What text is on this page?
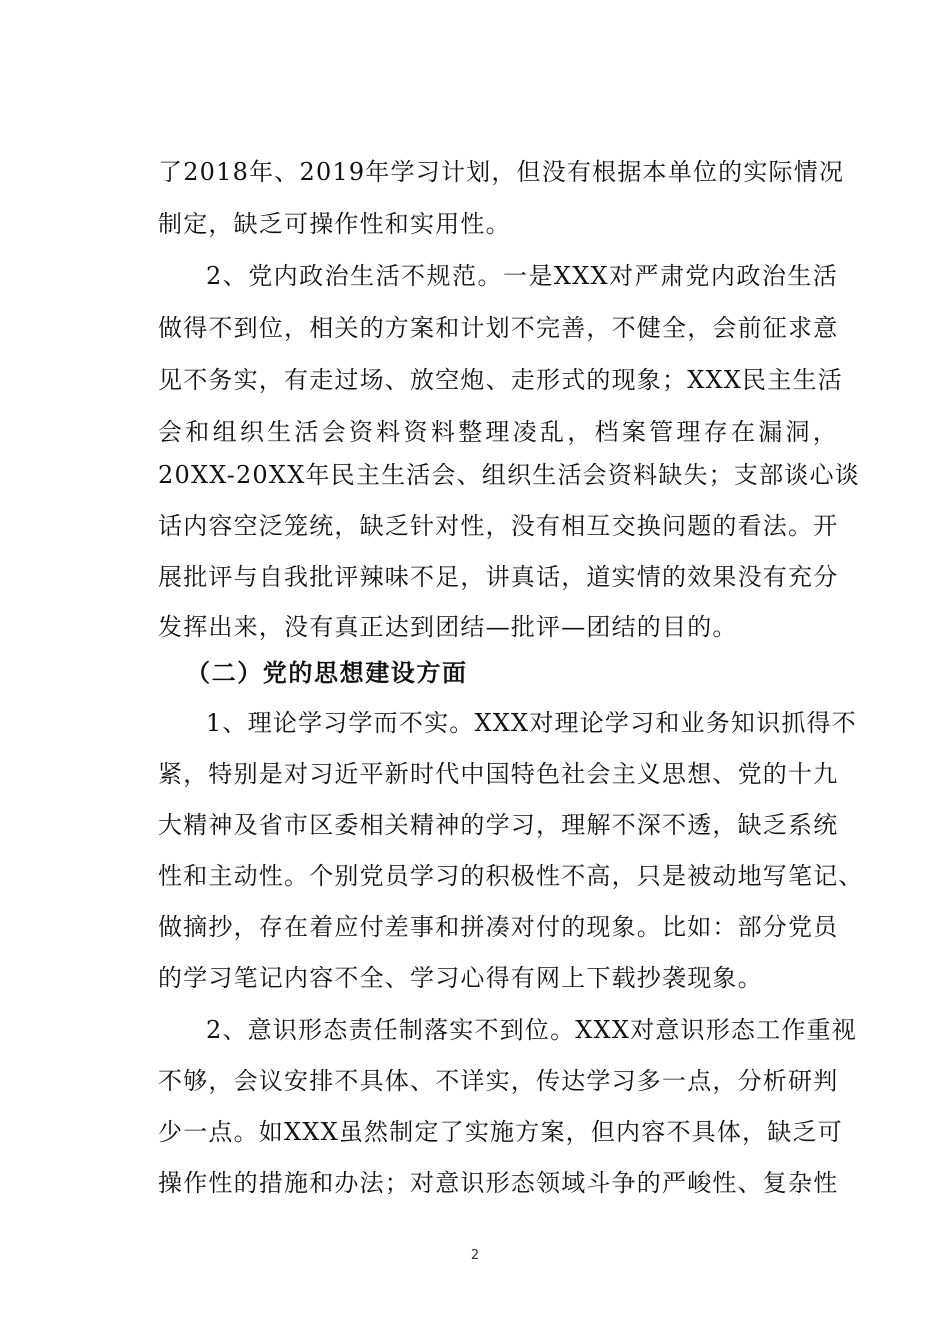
了2018年、2019年学习计划，但没有根据本单位的实际情况
制定，缺乏可操作性和实用性。
2、党内政治生活不规范。一是XXX对严肃党内政治生活
做得不到位，相关的方案和计划不完善，不健全，会前征求意
见不务实，有走过场、放空炮、走形式的现象；XXX民主生活
会和组织生活会资料资料整理凌乱，档案管理存在漏洞，
20XX-20XX年民主生活会、组织生活会资料缺失；支部谈心谈
话内容空泛笼统，缺乏针对性，没有相互交换问题的看法。开
展批评与自我批评辣味不足，讲真话，道实情的效果没有充分
发挥出来，没有真正达到团结—批评—团结的目的。
（二）党的思想建设方面
1、理论学习学而不实。XXX对理论学习和业务知识抓得不
紧，特别是对习近平新时代中国特色社会主义思想、党的十九
大精神及省市区委相关精神的学习，理解不深不透，缺乏系统
性和主动性。个别党员学习的积极性不高，只是被动地写笔记、
做摘抄，存在着应付差事和拼凑对付的现象。比如：部分党员
的学习笔记内容不全、学习心得有网上下载抄袭现象。
2、意识形态责任制落实不到位。XXX对意识形态工作重视
不够，会议安排不具体、不详实，传达学习多一点，分析研判
少一点。如XXX虽然制定了实施方案，但内容不具体，缺乏可
操作性的措施和办法；对意识形态领域斗争的严峻性、复杂性
2
